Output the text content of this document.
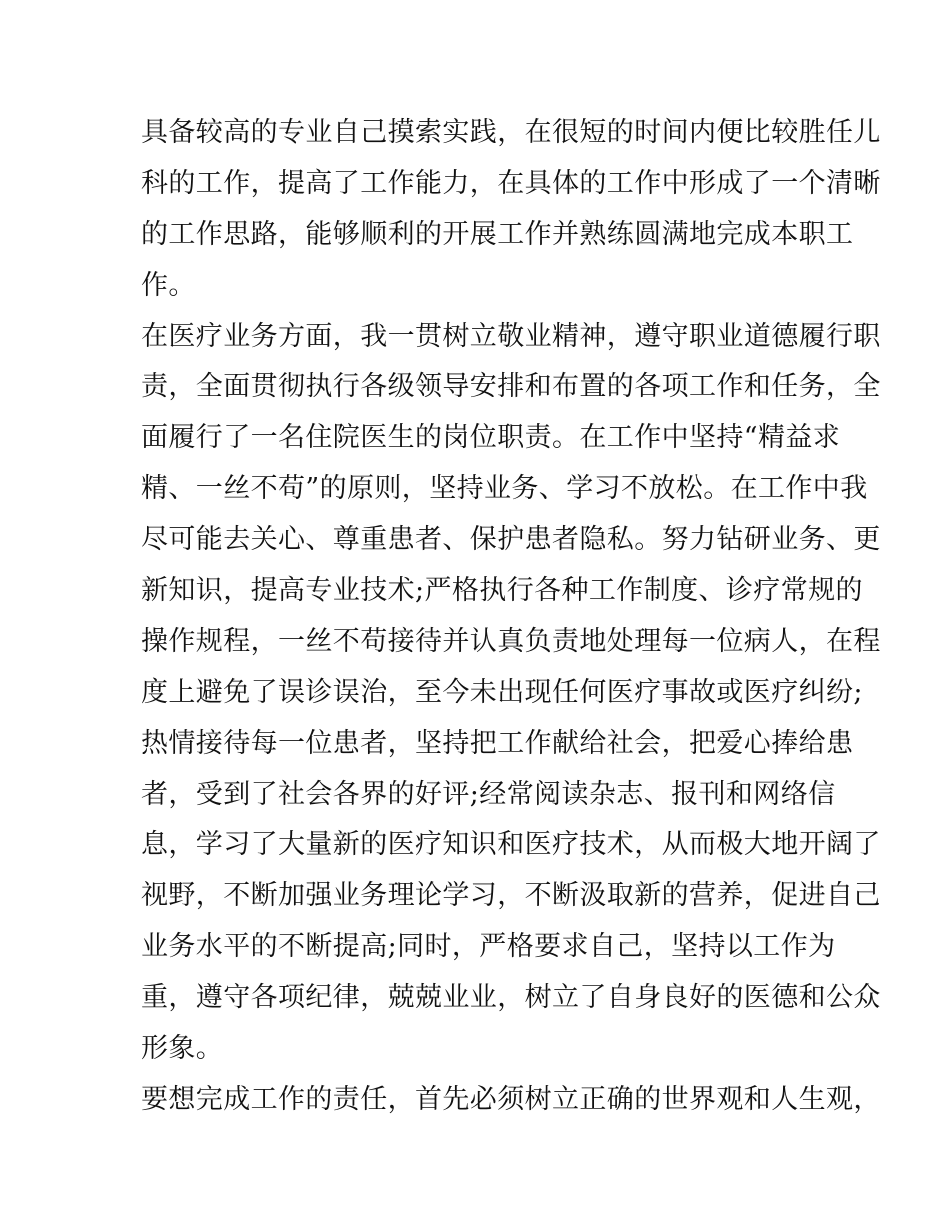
具备较高的专业自己摸索实践，在很短的时间内便比较胜任儿
科的工作，提高了工作能力，在具体的工作中形成了一个清晰
的工作思路，能够顺利的开展工作并熟练圆满地完成本职工
作。
在医疗业务方面，我一贯树立敬业精神，遵守职业道德履行职
责，全面贯彻执行各级领导安排和布置的各项工作和任务，全
面履行了一名住院医生的岗位职责。在工作中坚持“精益求
精、一丝不苟”的原则，坚持业务、学习不放松。在工作中我
尽可能去关心、尊重患者、保护患者隐私。努力钻研业务、更
新知识，提高专业技术;严格执行各种工作制度、诊疗常规的
操作规程，一丝不苟接待并认真负责地处理每一位病人，在程
度上避免了误诊误治，至今未出现任何医疗事故或医疗纠纷;
热情接待每一位患者，坚持把工作献给社会，把爱心捧给患
者，受到了社会各界的好评;经常阅读杂志、报刊和网络信
息，学习了大量新的医疗知识和医疗技术，从而极大地开阔了
视野，不断加强业务理论学习，不断汲取新的营养，促进自己
业务水平的不断提高;同时，严格要求自己，坚持以工作为
重，遵守各项纪律，兢兢业业，树立了自身良好的医德和公众
形象。
要想完成工作的责任，首先必须树立正确的世界观和人生观，
